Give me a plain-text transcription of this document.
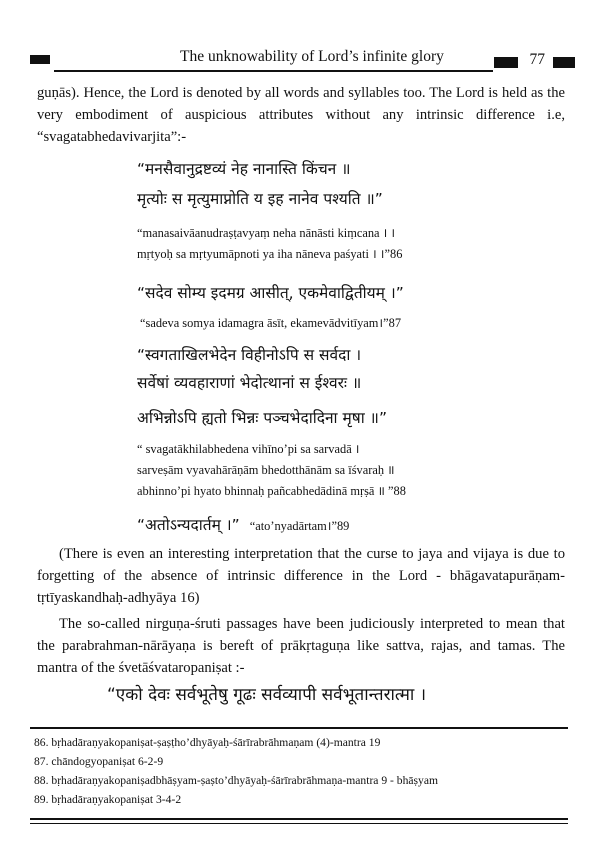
The unknowability of Lord’s infinite glory	77

guṇās). Hence, the Lord is denoted by all words and syllables too. The Lord is held as the very embodiment of auspicious attributes without any intrinsic difference i.e, “svagatabhedavivarjita”:-

“मनसैवानुद्रष्टव्यं नेह नानास्ति किंचन ॥
मृत्योः स मृत्युमाप्नोति य इह नानेव पश्यति ॥”
“manasaivāanudraṣṭavyaṃ neha nānāsti kiṃcana । ।
mṛtyoḥ sa mṛtyumāpnoti ya iha nāneva paśyati । ।”86
“सदेव सोम्य इदमग्र आसीत्, एकमेवाद्वितीयम् ।”
“sadeva somya idamagra āsīt, ekamevādvitīyam।”87
“स्वगताखिलभेदेन विहीनोऽपि स सर्वदा ।
सर्वेषां व्यवहाराणां भेदोत्थानां स ईश्वरः ॥
अभिन्नोऽपि ह्यतो भिन्नः पञ्चभेदादिना मृषा ॥”
“ svagatākhilabhedena vihīno’pi sa sarvadā ।
sarveṣām vyavahārāṇām bhedotthānām sa īśvaraḥ ॥
abhinno’pi hyato bhinnaḥ pañcabhedādinā mṛṣā ॥ ”88
“अतोऽन्यदार्तम् ।” “ato’nyadārtam।”89

(There is even an interesting interpretation that the curse to jaya and vijaya is due to forgetting of the absence of intrinsic difference in the Lord - bhāgavatapurāṇam-tṛtīyaskandhaḥ-adhyāya 16)

The so-called nirguṇa-śruti passages have been judiciously interpreted to mean that the parabrahman-nārāyaṇa is bereft of prākṛtaguṇa like sattva, rajas, and tamas. The mantra of the śvetāśvataropaniṣat :-

“एको देवः सर्वभूतेषु गूढः सर्वव्यापी सर्वभूतान्तरात्मा ।
86. bṛhadāraṇyakopaniṣat-ṣaṣṭho’dhyāyaḥ-śārīrabrāhmaṇam (4)-mantra 19
87. chāndogyopaniṣat 6-2-9
88. bṛhadāraṇyakopaniṣadbhāṣyam-ṣaṣto’dhyāyaḥ-śārīrabrāhmaṇa-mantra 9 - bhāṣyam
89. bṛhadāraṇyakopaniṣat 3-4-2
